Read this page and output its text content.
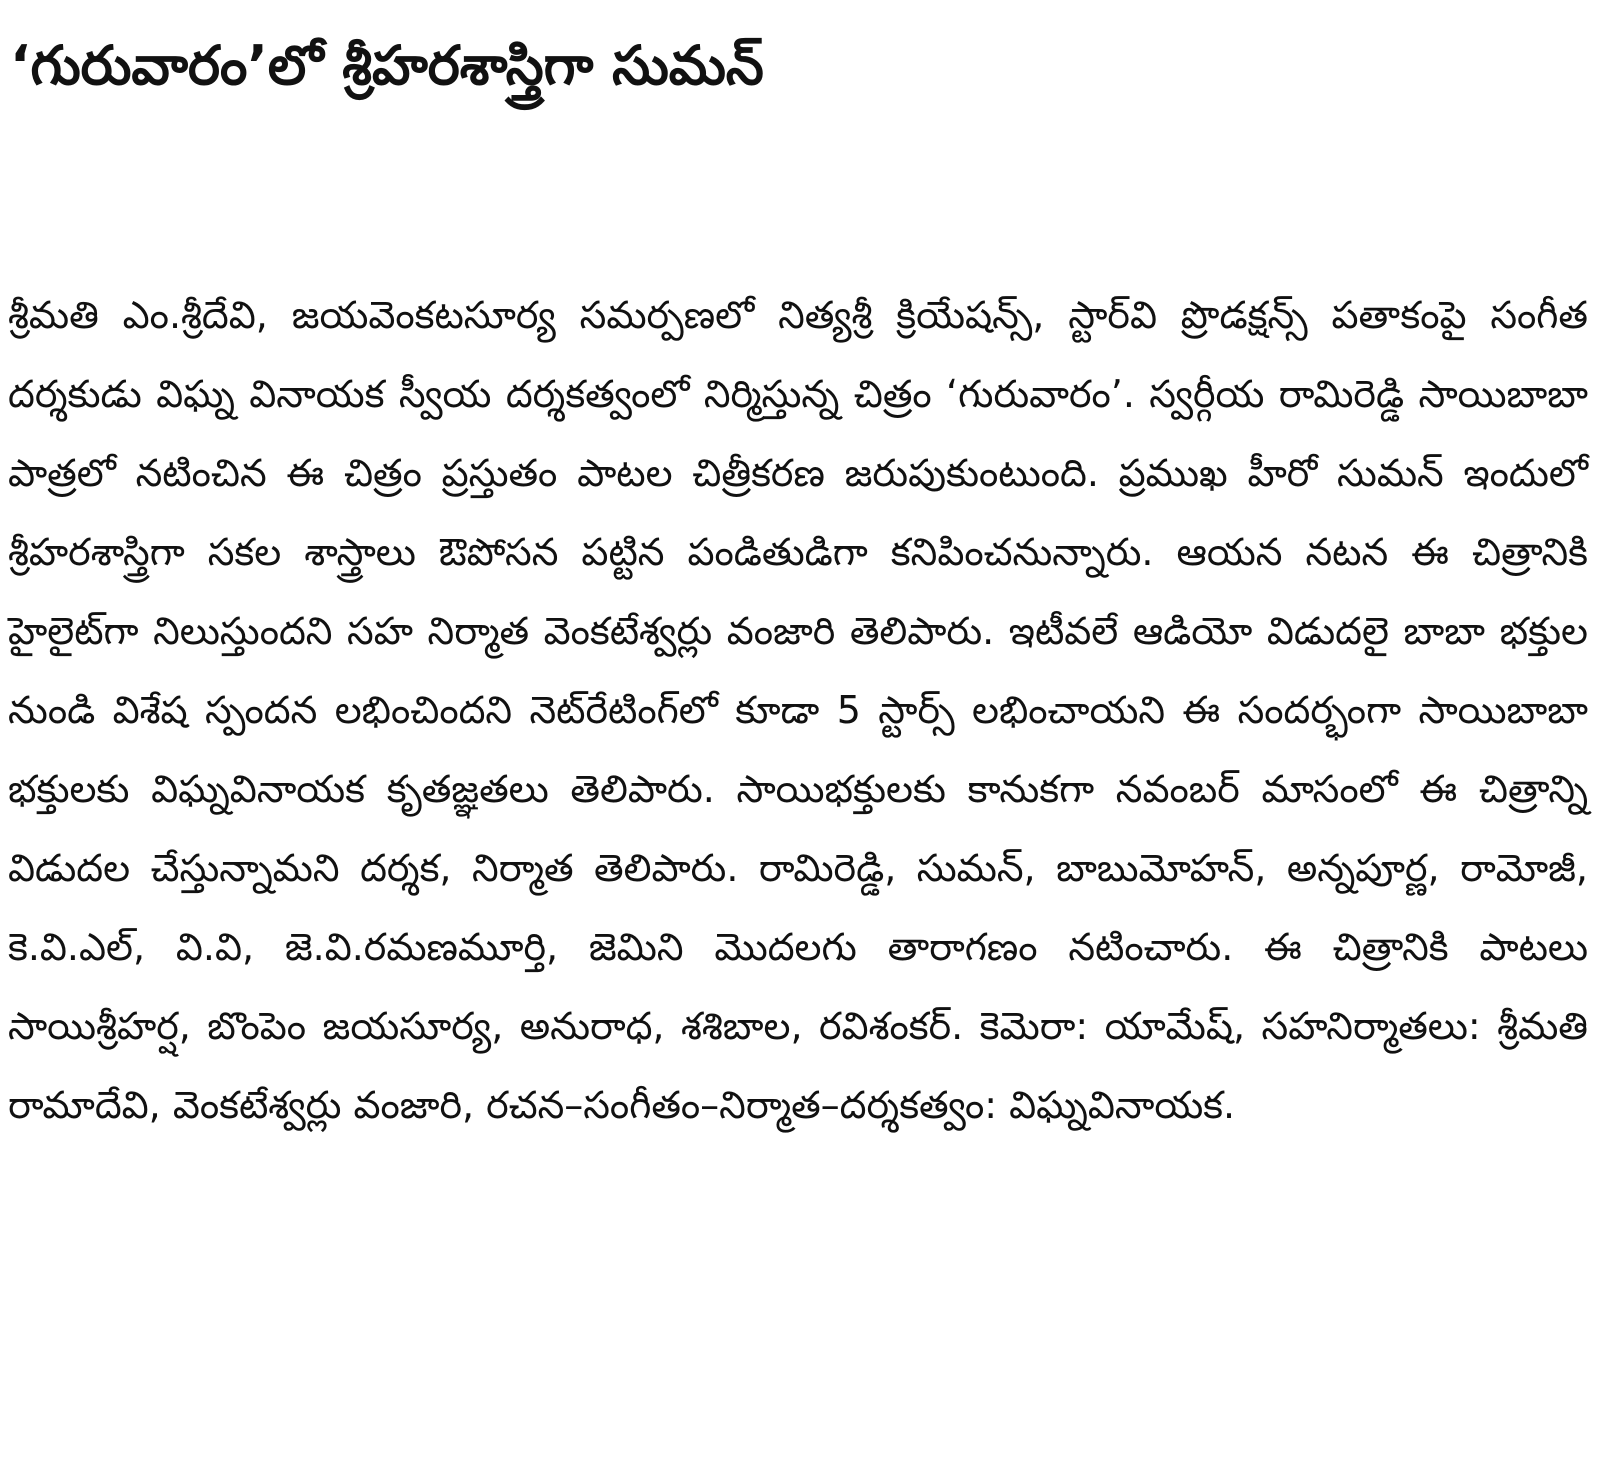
‘గురువారం’లో శ్రీహరశాస్త్రిగా సుమన్

శ్రీమతి ఎం.శ్రీదేవి, జయవెంకటసూర్య సమర్పణలో నిత్యశ్రీ క్రియేషన్స్, స్టార్‌వి ప్రొడక్షన్స్ పతాకంపై సంగీత దర్శకుడు విఘ్న వినాయక స్వీయ దర్శకత్వంలో నిర్మిస్తున్న చిత్రం ‘గురువారం’. స్వర్గీయ రామిరెడ్డి సాయిబాబా పాత్రలో నటించిన ఈ చిత్రం ప్రస్తుతం పాటల చిత్రీకరణ జరుపుకుంటుంది. ప్రముఖ హీరో సుమన్ ఇందులో శ్రీహరశాస్త్రిగా సకల శాస్త్రాలు ఔపోసన పట్టిన పండితుడిగా కనిపించనున్నారు. ఆయన నటన ఈ చిత్రానికి హైలైట్‌గా నిలుస్తుందని సహ నిర్మాత వెంకటేశ్వర్లు వంజారి తెలిపారు. ఇటీవలే ఆడియో విడుదలై బాబా భక్తుల నుండి విశేష స్పందన లభించిందని నెట్‌రేటింగ్‌లో కూడా 5 స్టార్స్ లభించాయని ఈ సందర్భంగా సాయిబాబా భక్తులకు విఘ్నవినాయక కృతజ్ఞతలు తెలిపారు. సాయిభక్తులకు కానుకగా నవంబర్ మాసంలో ఈ చిత్రాన్ని విడుదల చేస్తున్నామని దర్శక, నిర్మాత తెలిపారు. రామిరెడ్డి, సుమన్, బాబుమోహన్, అన్నపూర్ణ, రామోజీ, కె.వి.ఎల్, వి.వి, జె.వి.రమణమూర్తి, జెమిని మొదలగు తారాగణం నటించారు. ఈ చిత్రానికి పాటలు సాయిశ్రీహర్ష, బొంపెం జయసూర్య, అనురాధ, శశిబాల, రవిశంకర్. కెమెరా: యామేష్, సహనిర్మాతలు: శ్రీమతి రామాదేవి, వెంకటేశ్వర్లు వంజారి, రచన–సంగీతం–నిర్మాత–దర్శకత్వం: విఘ్నవినాయక.
